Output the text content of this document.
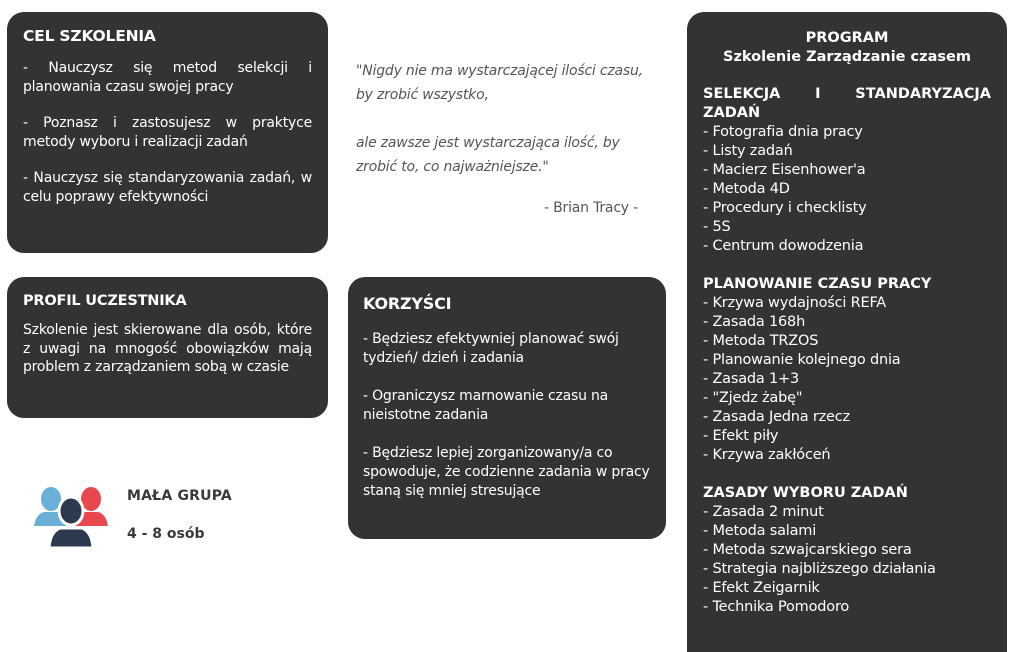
CEL SZKOLENIA

- Nauczysz się metod selekcji i planowania czasu swojej pracy

- Poznasz i zastosujesz w praktyce metody wyboru i realizacji zadań

- Nauczysz się standaryzowania zadań, w celu poprawy efektywności

PROFIL UCZESTNIKA

Szkolenie jest skierowane dla osób, które z uwagi na mnogość obowiązków mają problem z zarządzaniem sobą w czasie

MAŁA GRUPA
4 - 8 osób

"Nigdy nie ma wystarczającej ilości czasu, by zrobić wszystko,

ale zawsze jest wystarczająca ilość, by zrobić to, co najważniejsze."

- Brian Tracy -

KORZYŚCI

- Będziesz efektywniej planować swój tydzień/ dzień i zadania

- Ograniczysz marnowanie czasu na nieistotne zadania

- Będziesz lepiej zorganizowany/a co spowoduje, że codzienne zadania w pracy staną się mniej stresujące

PROGRAM
Szkolenie Zarządzanie czasem
SELEKCJA I STANDARYZACJA ZADAŃ
- Fotografia dnia pracy
- Listy zadań
- Macierz Eisenhower'a
- Metoda 4D
- Procedury i checklisty
- 5S
- Centrum dowodzenia
PLANOWANIE CZASU PRACY
- Krzywa wydajności REFA
- Zasada 168h
- Metoda TRZOS
- Planowanie kolejnego dnia
- Zasada 1+3
- "Zjedz żabę"
- Zasada Jedna rzecz
- Efekt piły
- Krzywa zakłóceń
ZASADY WYBORU ZADAŃ
- Zasada 2 minut
- Metoda salami
- Metoda szwajcarskiego sera
- Strategia najbliższego działania
- Efekt Zeigarnik
- Technika Pomodoro
